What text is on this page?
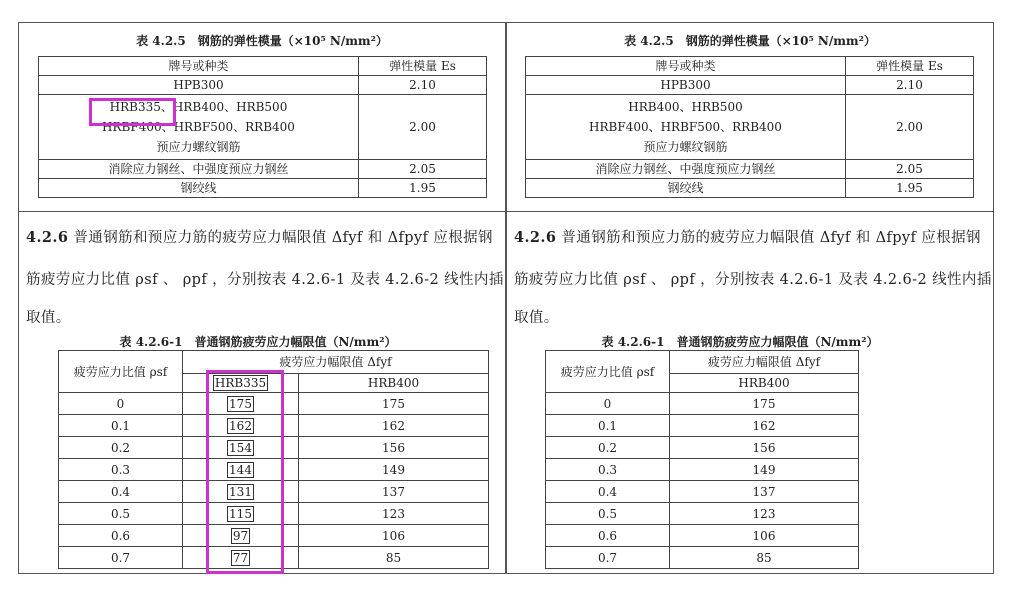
表 4.2.5　钢筋的弹性模量（×10⁵ N/mm²）
牌号或种类	弹性模量 Es
HPB300	2.10

HRB335、HRB400、HRB500
HRBF400、HRBF500、RRB400
预应力螺纹钢筋	2.00
消除应力钢丝、中强度预应力钢丝	2.05
钢绞线	1.95
4.2.6 普通钢筋和预应力筋的疲劳应力幅限值 Δfyf 和 Δfpyf 应根据钢
筋疲劳应力比值 ρsf 、 ρpf ，分别按表 4.2.6-1 及表 4.2.6-2 线性内插
取值。
表 4.2.6-1　普通钢筋疲劳应力幅限值（N/mm²）
疲劳应力比值 ρsf	疲劳应力幅限值 Δfyf	
	HRB335	HRB400
0	175	175
0.1	162	162
0.2	154	156
0.3	144	149
0.4	131	137
0.5	115	123
0.6	97	106
0.7	77	85
表 4.2.5　钢筋的弹性模量（×10⁵ N/mm²）
牌号或种类	弹性模量 Es
HPB300	2.10

HRB400、HRB500
HRBF400、HRBF500、RRB400
预应力螺纹钢筋	2.00
消除应力钢丝、中强度预应力钢丝	2.05
钢绞线	1.95
4.2.6 普通钢筋和预应力筋的疲劳应力幅限值 Δfyf 和 Δfpyf 应根据钢
筋疲劳应力比值 ρsf 、 ρpf ，分别按表 4.2.6-1 及表 4.2.6-2 线性内插
取值。
表 4.2.6-1　普通钢筋疲劳应力幅限值（N/mm²）
疲劳应力比值 ρsf	疲劳应力幅限值 Δfyf
	HRB400
0	175
0.1	162
0.2	156
0.3	149
0.4	137
0.5	123
0.6	106
0.7	85
